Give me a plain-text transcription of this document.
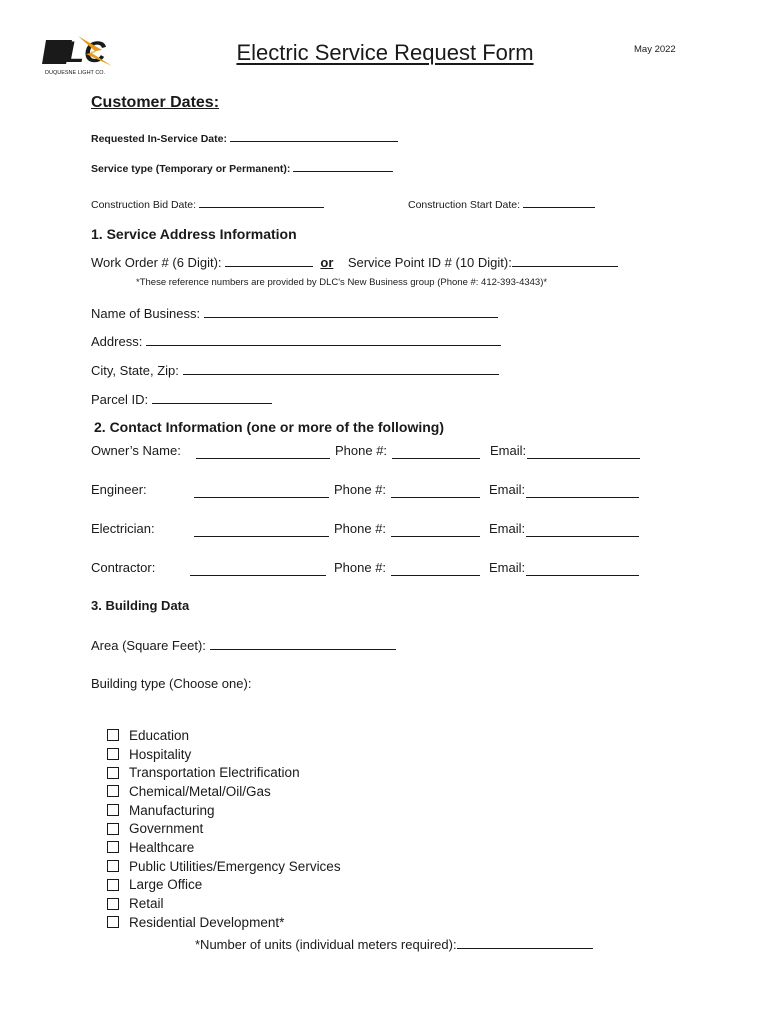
DLC
DUQUESNE LIGHT CO.
Electric Service Request Form	May 2022
Customer Dates:
Requested In-Service Date:
Service type (Temporary or Permanent):
Construction Bid Date:	Construction Start Date:
1. Service Address Information
Work Order # (6 Digit):	or Service Point ID # (10 Digit):
*These reference numbers are provided by DLC's New Business group (Phone #: 412-393-4343)*
Name of Business:
Address:
City, State, Zip:
Parcel ID:
2. Contact Information (one or more of the following)
Owner’s Name:	Phone #:	Email:
Engineer:	Phone #:	Email:
Electrician:	Phone #:	Email:
Contractor:	Phone #:	Email:
3. Building Data
Area (Square Feet):
Building type (Choose one):
Education
Hospitality
Transportation Electrification
Chemical/Metal/Oil/Gas
Manufacturing
Government
Healthcare
Public Utilities/Emergency Services
Large Office
Retail
Residential Development*
*Number of units (individual meters required):
